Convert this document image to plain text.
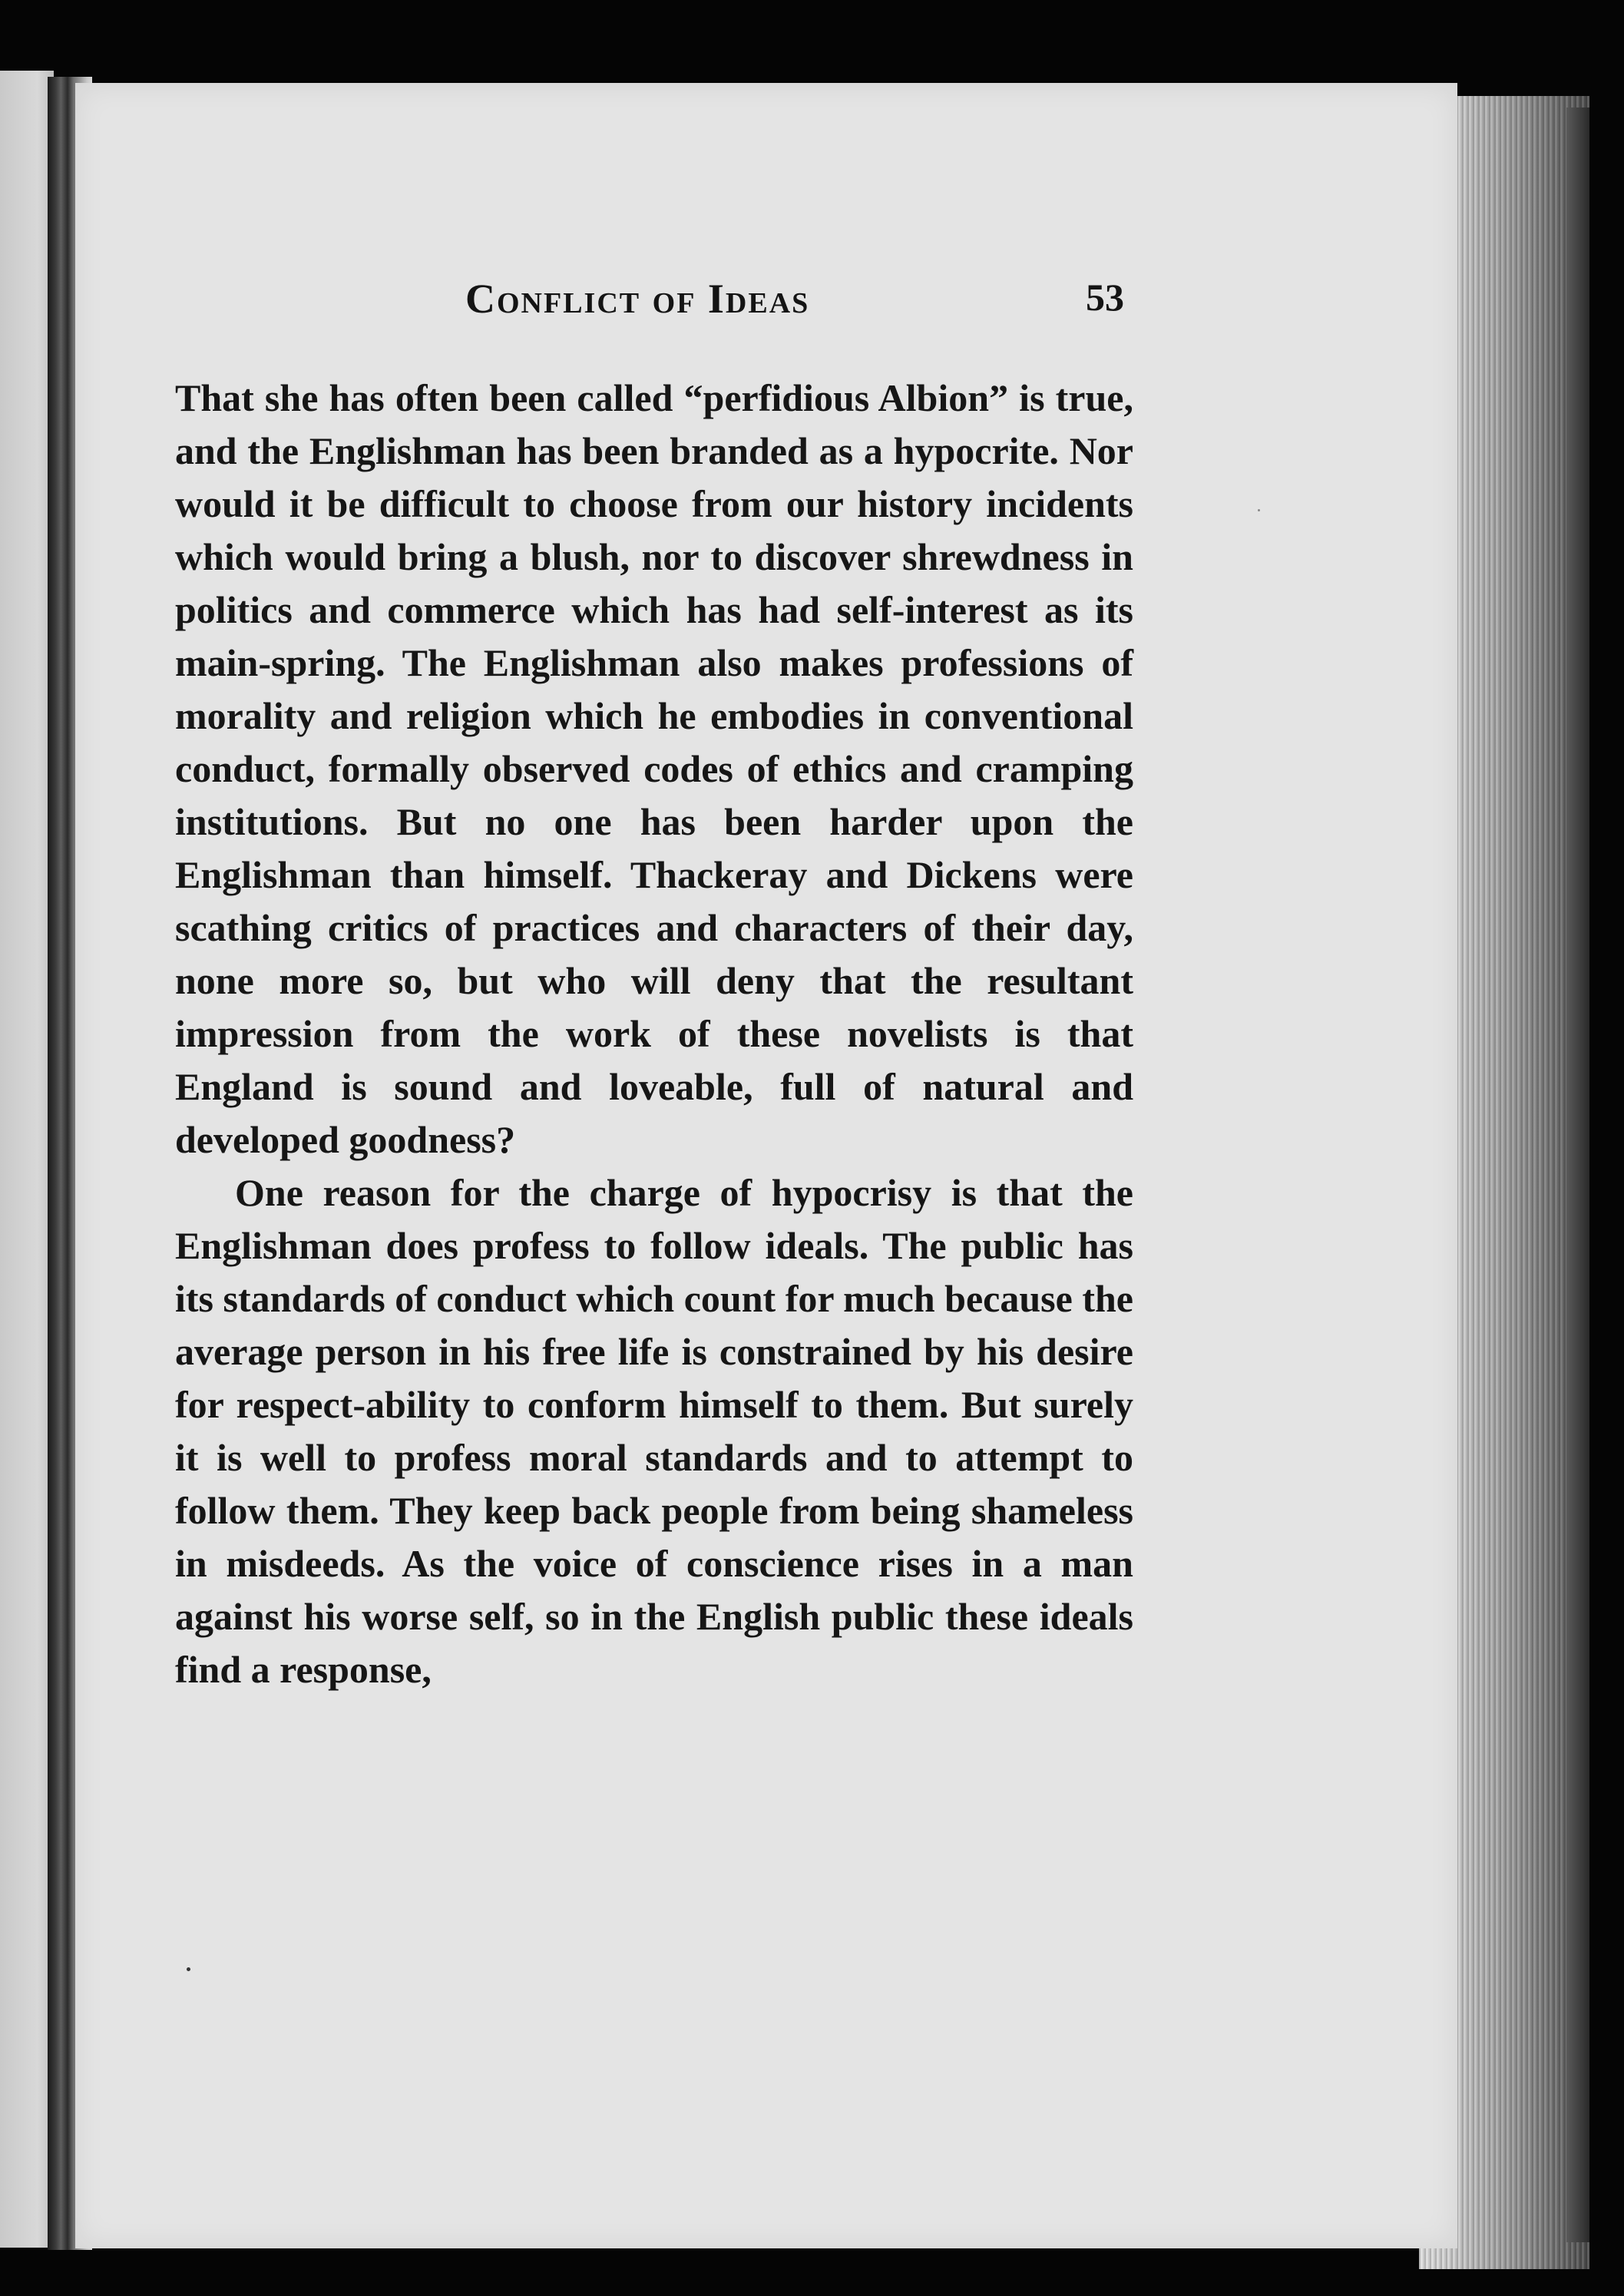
Conflict of Ideas	53

That she has often been called “perfidious Albion” is true, and the Englishman has been branded as a hypocrite. Nor would it be difficult to choose from our history incidents which would bring a blush, nor to discover shrewdness in politics and commerce which has had self-interest as its main-spring. The Englishman also makes professions of morality and religion which he embodies in conventional conduct, formally observed codes of ethics and cramping institutions. But no one has been harder upon the Englishman than himself. Thackeray and Dickens were scathing critics of practices and characters of their day, none more so, but who will deny that the resultant impression from the work of these novelists is that England is sound and loveable, full of natural and developed goodness?

One reason for the charge of hypocrisy is that the Englishman does profess to follow ideals. The public has its standards of conduct which count for much because the average person in his free life is constrained by his desire for respect-ability to conform himself to them. But surely it is well to profess moral standards and to attempt to follow them. They keep back people from being shameless in misdeeds. As the voice of conscience rises in a man against his worse self, so in the English public these ideals find a response,
